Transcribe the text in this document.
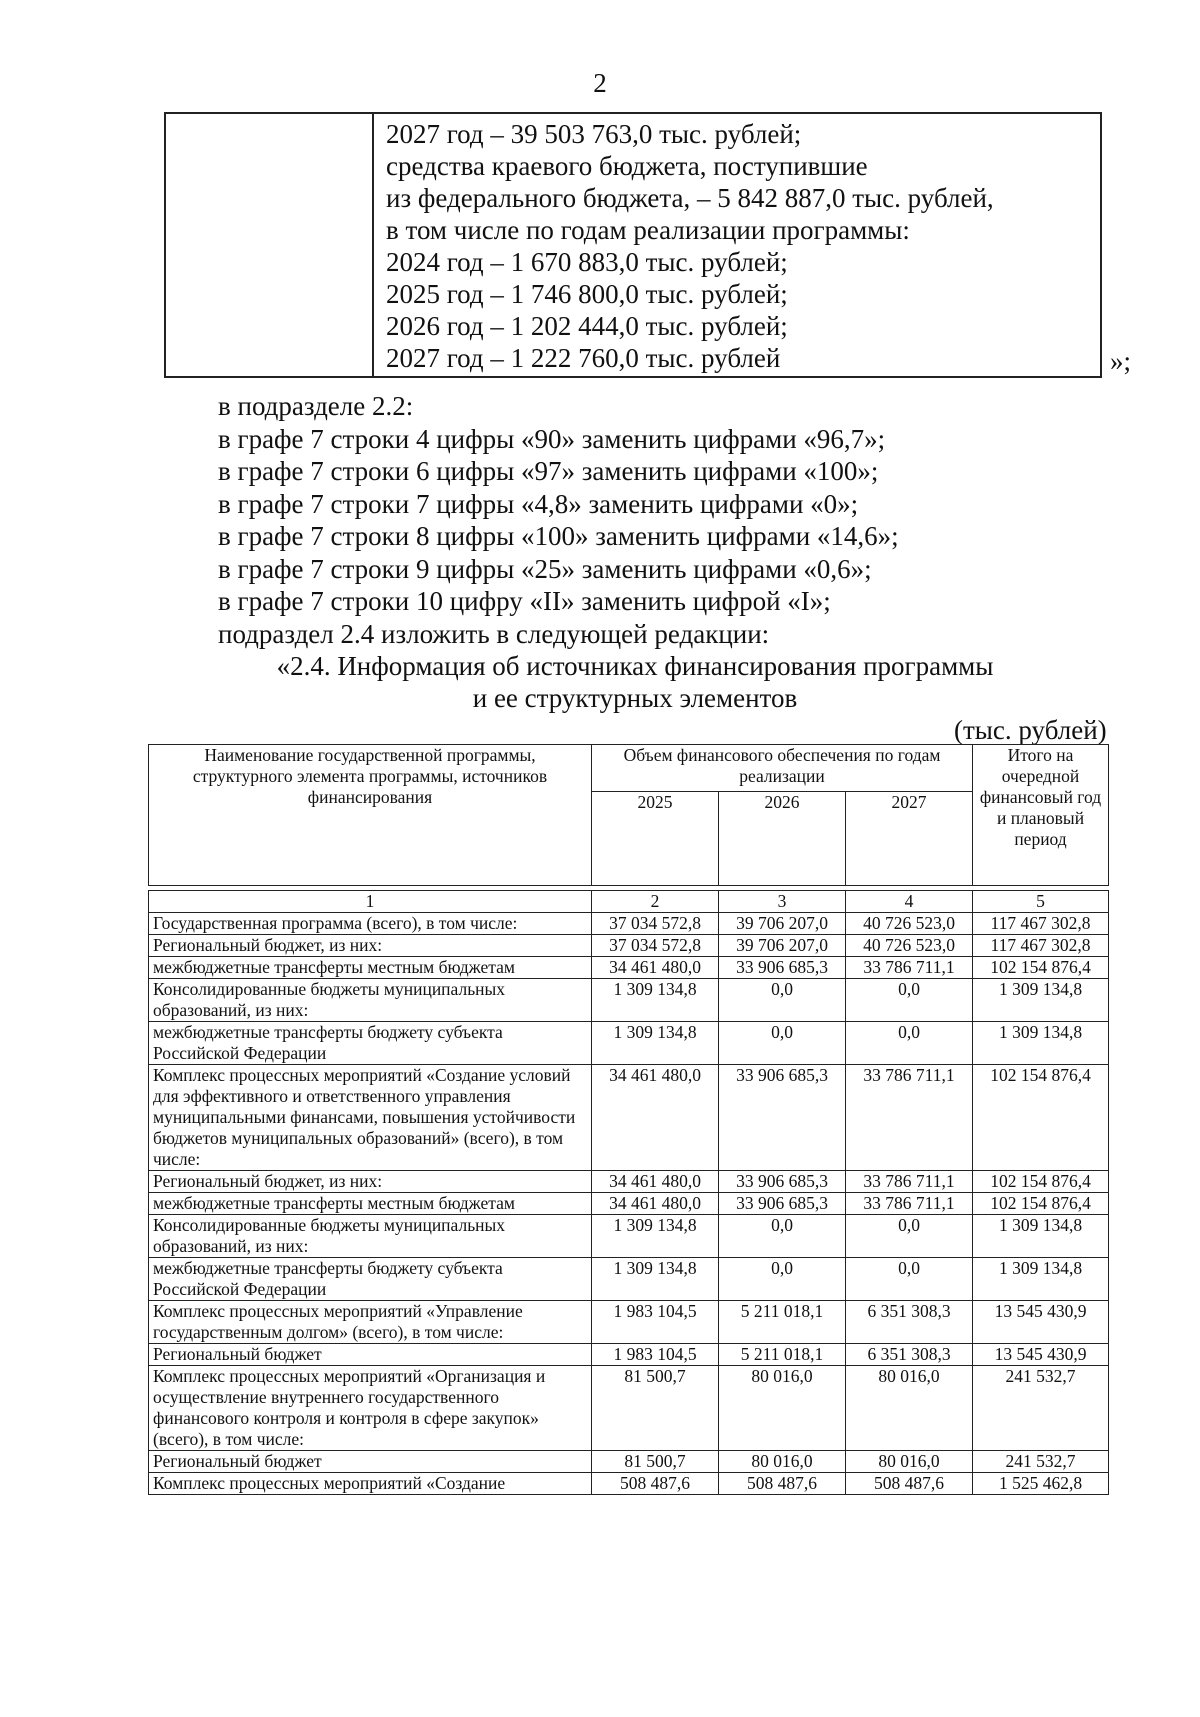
2
2027 год – 39 503 763,0 тыс. рублей;
средства краевого бюджета, поступившие
из федерального бюджета, – 5 842 887,0 тыс. рублей,
в том числе по годам реализации программы:
2024 год – 1 670 883,0 тыс. рублей;
2025 год – 1 746 800,0 тыс. рублей;
2026 год – 1 202 444,0 тыс. рублей;
2027 год – 1 222 760,0 тыс. рублей	»;
в подразделе 2.2:
в графе 7 строки 4 цифры «90» заменить цифрами «96,7»;
в графе 7 строки 6 цифры «97» заменить цифрами «100»;
в графе 7 строки 7 цифры «4,8» заменить цифрами «0»;
в графе 7 строки 8 цифры «100» заменить цифрами «14,6»;
в графе 7 строки 9 цифры «25» заменить цифрами «0,6»;
в графе 7 строки 10 цифру «II» заменить цифрой «I»;
подраздел 2.4 изложить в следующей редакции:
«2.4. Информация об источниках финансирования программы
и ее структурных элементов
(тыс. рублей)
Наименование государственной программы, структурного элемента программы, источников финансирования	Объем финансового обеспечения по годам реализации			Итого на очередной финансовый год и плановый период
	2025	2026	2027	

1	2	3	4	5
Государственная программа (всего), в том числе:	37 034 572,8	39 706 207,0	40 726 523,0	117 467 302,8
Региональный бюджет, из них:	37 034 572,8	39 706 207,0	40 726 523,0	117 467 302,8
межбюджетные трансферты местным бюджетам	34 461 480,0	33 906 685,3	33 786 711,1	102 154 876,4
Консолидированные бюджеты муниципальных образований, из них:	1 309 134,8	0,0	0,0	1 309 134,8
межбюджетные трансферты бюджету субъекта Российской Федерации	1 309 134,8	0,0	0,0	1 309 134,8
Комплекс процессных мероприятий «Создание условий для эффективного и ответственного управления муниципальными финансами, повышения устойчивости бюджетов муниципальных образований» (всего), в том числе:	34 461 480,0	33 906 685,3	33 786 711,1	102 154 876,4
Региональный бюджет, из них:	34 461 480,0	33 906 685,3	33 786 711,1	102 154 876,4
межбюджетные трансферты местным бюджетам	34 461 480,0	33 906 685,3	33 786 711,1	102 154 876,4
Консолидированные бюджеты муниципальных образований, из них:	1 309 134,8	0,0	0,0	1 309 134,8
межбюджетные трансферты бюджету субъекта Российской Федерации	1 309 134,8	0,0	0,0	1 309 134,8
Комплекс процессных мероприятий «Управление государственным долгом» (всего), в том числе:	1 983 104,5	5 211 018,1	6 351 308,3	13 545 430,9
Региональный бюджет	1 983 104,5	5 211 018,1	6 351 308,3	13 545 430,9
Комплекс процессных мероприятий «Организация и осуществление внутреннего государственного финансового контроля и контроля в сфере закупок» (всего), в том числе:	81 500,7	80 016,0	80 016,0	241 532,7
Региональный бюджет	81 500,7	80 016,0	80 016,0	241 532,7
Комплекс процессных мероприятий «Создание	508 487,6	508 487,6	508 487,6	1 525 462,8
